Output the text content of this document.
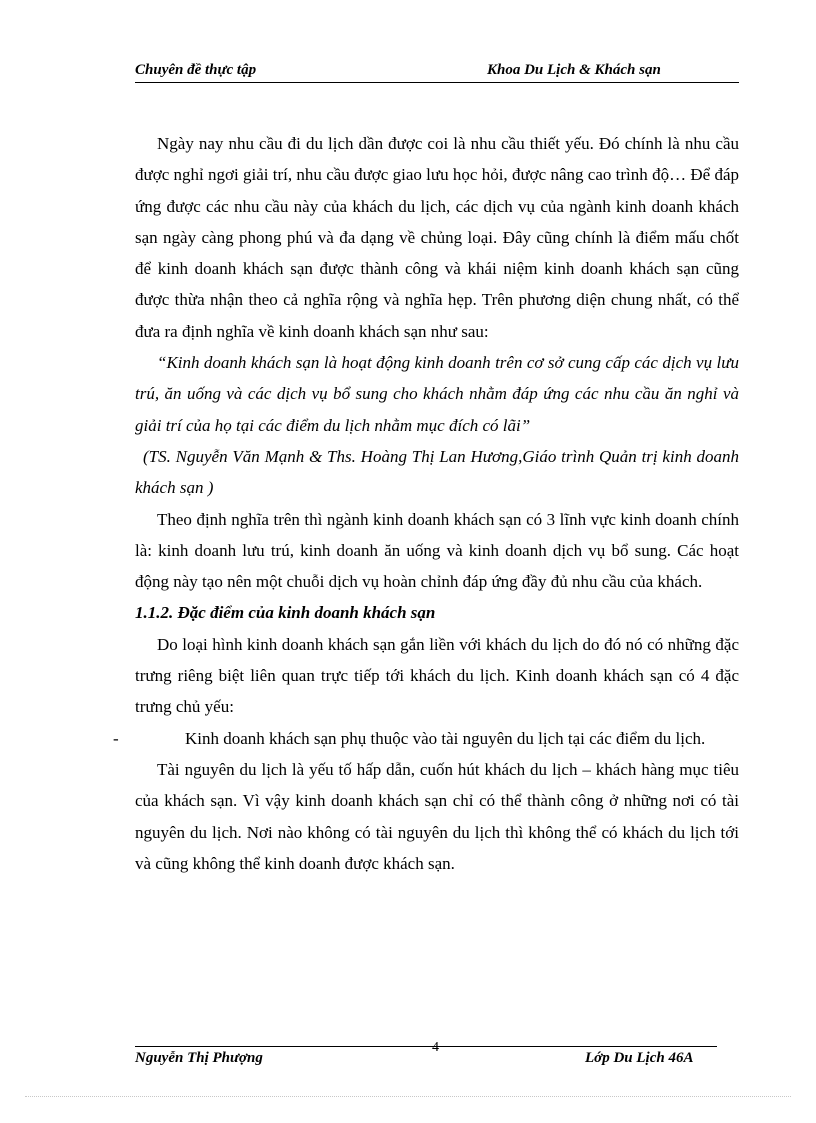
Chuyên đề thực tập	Khoa Du Lịch & Khách sạn

Ngày nay nhu cầu đi du lịch dần được coi là nhu cầu thiết yếu. Đó chính là nhu cầu được nghỉ ngơi giải trí, nhu cầu được giao lưu học hỏi, được nâng cao trình độ… Để đáp ứng được các nhu cầu này của khách du lịch, các dịch vụ của ngành kinh doanh khách sạn ngày càng phong phú và đa dạng về chủng loại. Đây cũng chính là điểm mấu chốt để kinh doanh khách sạn được thành công và khái niệm kinh doanh khách sạn cũng được thừa nhận theo cả nghĩa rộng và nghĩa hẹp. Trên phương diện chung nhất, có thể đưa ra định nghĩa về kinh doanh khách sạn như sau:

“Kinh doanh khách sạn là hoạt động kinh doanh trên cơ sở cung cấp các dịch vụ lưu trú, ăn uống và các dịch vụ bổ sung cho khách nhằm đáp ứng các nhu cầu ăn nghỉ và giải trí của họ tại các điểm du lịch nhằm mục đích có lãi”

(TS. Nguyễn Văn Mạnh & Ths. Hoàng Thị Lan Hương,Giáo trình Quản trị kinh doanh khách sạn )

Theo định nghĩa trên thì ngành kinh doanh khách sạn có 3 lĩnh vực kinh doanh chính là: kinh doanh lưu trú, kinh doanh ăn uống và kinh doanh dịch vụ bổ sung. Các hoạt động này tạo nên một chuỗi dịch vụ hoàn chỉnh đáp ứng đầy đủ nhu cầu của khách.

1.1.2. Đặc điểm của kinh doanh khách sạn

Do loại hình kinh doanh khách sạn gắn liền với khách du lịch do đó nó có những đặc trưng riêng biệt liên quan trực tiếp tới khách du lịch. Kinh doanh khách sạn có 4 đặc trưng chủ yếu:

-	Kinh doanh khách sạn phụ thuộc vào tài nguyên du lịch tại các điểm du lịch.

Tài nguyên du lịch là yếu tố hấp dẫn, cuốn hút khách du lịch – khách hàng mục tiêu của khách sạn. Vì vậy kinh doanh khách sạn chỉ có thể thành công ở những nơi có tài nguyên du lịch. Nơi nào không có tài nguyên du lịch thì không thể có khách du lịch tới và cũng không thể kinh doanh được khách sạn.

4
Nguyễn Thị Phượng	Lớp Du Lịch 46A
